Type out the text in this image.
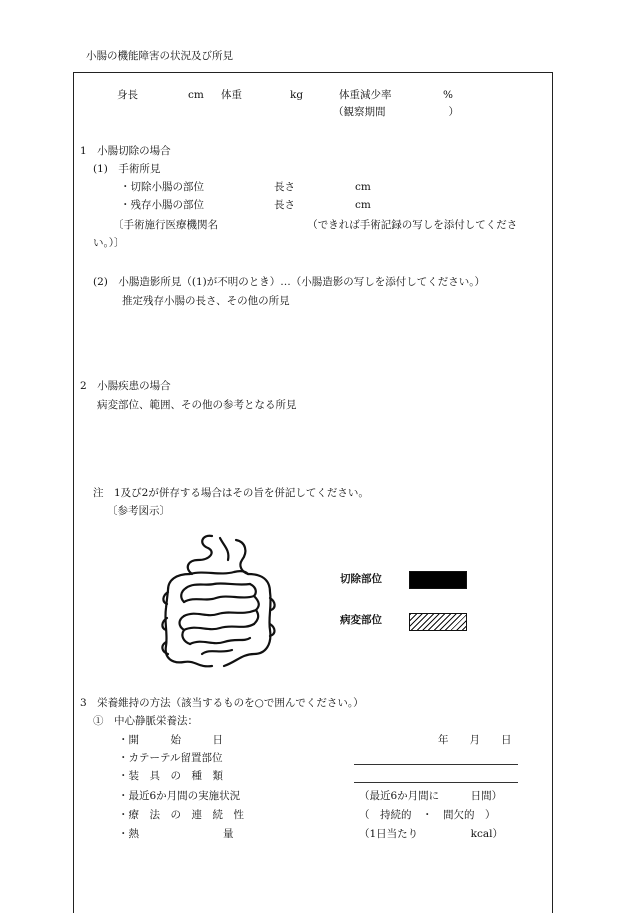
小腸の機能障害の状況及び所見
身長	cm 体重	kg	体重減少率	%
（観察期間　　　　　　）
1　小腸切除の場合
(1)　手術所見
・切除小腸の部位	長さ	cm
・残存小腸の部位	長さ	cm
〔手術施行医療機関名　　　　　　　　　（できれば手術記録の写しを添付してくださ
い。）〕
(2)　小腸造影所見（(1)が不明のとき）…（小腸造影の写しを添付してください。）
推定残存小腸の長さ、その他の所見
2　小腸疾患の場合
病変部位、範囲、その他の参考となる所見
注　1及び2が併存する場合はその旨を併記してください。
〔参考図示〕
切除部位
病変部位
3　栄養維持の方法（該当するものを○で囲んでください。）
①　中心静脈栄養法：
・開　　　始　　　日	年　　月　　日
・カテーテル留置部位
・装　具　の　種　類
・最近6か月間の実施状況	（最近6か月間に　　　日間）
・療　法　の　連　続　性	（　持続的　・　間欠的　）
・熱　　　　　　　　量	（1日当たり　　　　　kcal）
